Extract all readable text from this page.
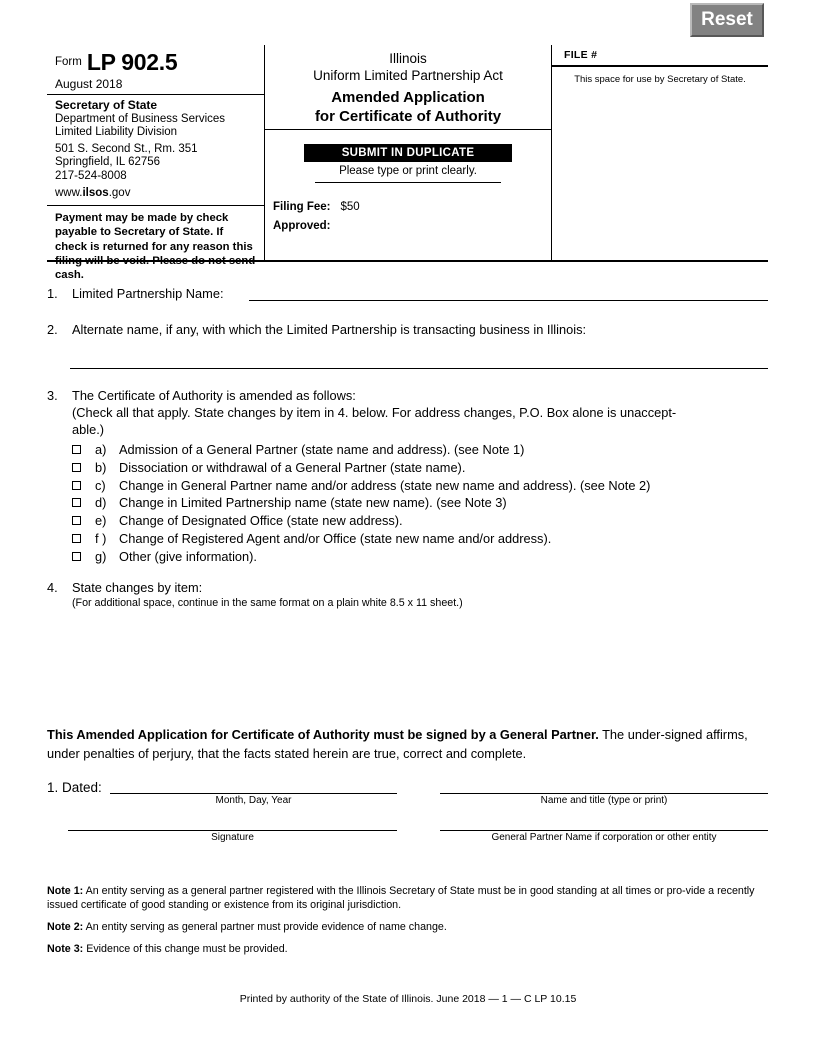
Reset
$^{Form}$ LP 902.5
August 2018
Secretary of State
Department of Business Services
Limited Liability Division
501 S. Second St., Rm. 351
Springfield, IL 62756
217-524-8008
www.ilsos.gov
Payment may be made by check payable to Secretary of State. If check is returned for any reason this filing will be void. Please do not send cash.
Illinois
Uniform Limited Partnership Act
Amended Application
for Certificate of Authority
SUBMIT IN DUPLICATE
Please type or print clearly.
Filing Fee: $50
Approved:
FILE #
This space for use by Secretary of State.
1. Limited Partnership Name:
2. Alternate name, if any, with which the Limited Partnership is transacting business in Illinois:
3. The Certificate of Authority is amended as follows:
(Check all that apply. State changes by item in 4. below. For address changes, P.O. Box alone is unaccept-
able.)
a) Admission of a General Partner (state name and address). (see Note 1)
b) Dissociation or withdrawal of a General Partner (state name).
c) Change in General Partner name and/or address (state new name and address). (see Note 2)
d) Change in Limited Partnership name (state new name). (see Note 3)
e) Change of Designated Office (state new address).
f ) Change of Registered Agent and/or Office (state new name and/or address).
g) Other (give information).
4. State changes by item:
(For additional space, continue in the same format on a plain white 8.5 x 11 sheet.)
This Amended Application for Certificate of Authority must be signed by a General Partner. The under-signed affirms, under penalties of perjury, that the facts stated herein are true, correct and complete.
1. Dated:
Month, Day, Year	Name and title (type or print)
Signature	General Partner Name if corporation or other entity
Note 1: An entity serving as a general partner registered with the Illinois Secretary of State must be in good standing at all times or pro-vide a recently issued certificate of good standing or existence from its original jurisdiction.
Note 2: An entity serving as general partner must provide evidence of name change.
Note 3: Evidence of this change must be provided.
Printed by authority of the State of Illinois. June 2018 — 1 — C LP 10.15
